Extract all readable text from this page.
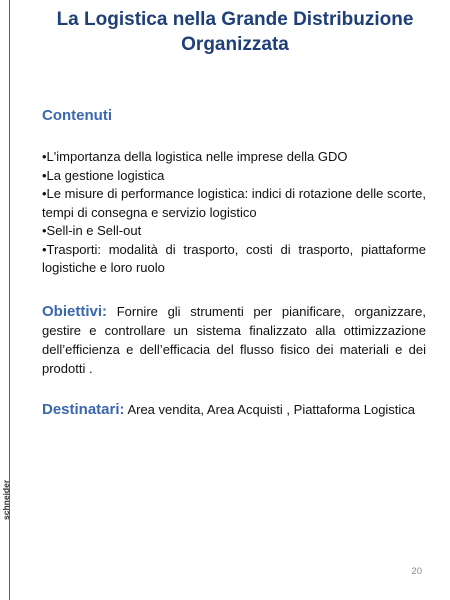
La Logistica nella Grande Distribuzione
Organizzata
Contenuti
•L'importanza della logistica nelle imprese della GDO
•La gestione logistica
•Le misure di performance logistica: indici di rotazione delle scorte, tempi di consegna e servizio logistico
•Sell-in e Sell-out
•Trasporti: modalità di trasporto, costi di trasporto, piattaforme logistiche e loro ruolo
Obiettivi: Fornire gli strumenti per pianificare, organizzare, gestire e controllare un sistema finalizzato alla ottimizzazione dell’efficienza e dell’efficacia del flusso fisico dei materiali e dei prodotti .
Destinatari: Area vendita, Area Acquisti , Piattaforma Logistica
schneider
20
